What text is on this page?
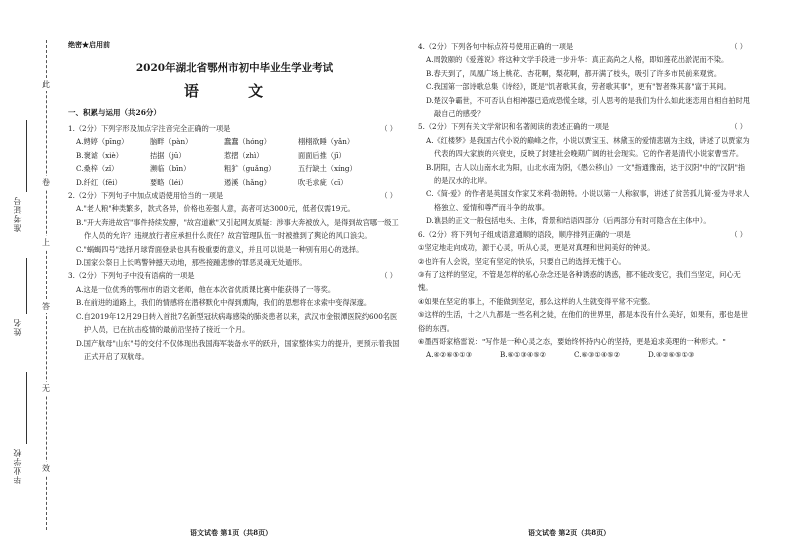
此
卷
上
答
无
效
准考证号
姓名
毕业学校
绝密★启用前
2020年湖北省鄂州市初中毕业生学业考试
语 文
一、积累与运用（共26分）
1.（2分）下列字形及加点字注音完全正确的一项是	（ ）
A.娉婷（pīng）	脑畔（pàn）	蠢蠢（hóng）	栩栩欲睡（yǎn）
B.褒谑（xiè）	拮据（jū）	惹摺（zhì）	面面后推（jī）
C.桑梓（zǐ）	濒临（bīn）	粗犷（guǎng）	五行缺土（xíng）
D.纤红（fēi）	要略（léi）	遏溪（hǎng）	吹毛求疵（cī）
2.（2分）下列句子中加点成语使用恰当的一项是	（ ）
A."老人粮"种类繁多，款式各异，价格也差强人意，高者可达3000元，低者仅需19元。
B."开大奔进故宫"事件持续发酵，"故宫道歉"又引起网友质疑：涉事大奔被放入，是得到故宫哪一级工作人员的允许？违规放行者应承担什么责任？故宫管理队伍一时被推到了舆论的风口浪尖。
C."蜗蝎四号"选择月球背面登录也具有极重要的意义，并且可以说是一种别有用心的选择。
D.国家公祭日上长鸣警钟撼天动地，那些接踵悲惨的罪恶灵魂无处遁形。
3.（2分）下列句子中没有语病的一项是	（ ）
A.这是一位优秀的鄂州市的语文老师，他在本次省优质课比赛中能获得了一等奖。
B.在前进的道路上，我们的情感将在潜移默化中得到熏陶，我们的思想将在求索中变得深邃。
C.自2019年12月29日转入首批7名新型冠状病毒感染的肺炎患者以来，武汉市金银潭医院约600名医护人员，已在抗击疫情的最前沿坚持了接近一个月。
D.国产航母"山东"号的交付不仅体现出我国海军装备水平的跃升，国家整体实力的提升，更预示着我国正式开启了双航母。
语文试卷 第1页（共8页）
4.（2分）下列各句中标点符号使用正确的一项是	（ ）
A.周敦颐的《爱莲说》将这种文学手段进一步升华：真正高尚之人格，即如莲花出淤泥而不染。
B.春天到了，凤凰广场上桃花、杏花啊，梨花啊，都开满了枝头，吸引了许多市民前来观赏。
C.我国第一部诗歌总集《诗经》，既是"饥者歌其食，劳者歌其事"，更有"智者殊其喜"富于其间。
D.楚汉争霸世，不可否认自相神器已造成恐慌全球，引人思考的是我们为什么如此迷恋用自相自拍时甩敲自己的感受？
5.（2分）下列有关文学常识和名著阅读的表述正确的一项是	（ ）
A.《红楼梦》是我国古代小说的巅峰之作，小说以贾宝玉、林黛玉的爱情悲剧为主线，讲述了以贾家为代表的四大家族的兴衰史，反映了封建社会晚期广阔的社会现实。它的作者是清代小说家曹雪芹。
B.阴阳，古人以山南水北为阳，山北水南为阴，《愚公移山》一文"指通豫南，达于汉阴"中的"汉阴"指的是汉水的北岸。
C.《简·爱》的作者是英国女作家艾米莉·勃朗特。小说以第一人称叙事，讲述了贫苦孤儿简·爱为寻求人格独立、爱情和尊严而斗争的故事。
D.谯县的正文一般包括电头、主体，背景和结语四部分（后两部分有时可隐含在主体中）。
6.（2分）将下列句子组成语意通顺的语段，顺序排列正确的一项是	（ ）
①坚定地走向成功，源于心灵，听从心灵，更是对真理和世间美好的钟灵。
②也许有人会说，坚定有坚定的快乐，只要自己的选择无愧于心。
③有了这样的坚定，不管是怎样的私心杂念还是各种诱惑的诱惑，都不能改变它，我们当坚定，问心无愧。
④如果在坚定的事上，不能做到坚定，那么这样的人生就变得平常不完整。
⑤这样的生活，十之八九都是一些名利之徒，在他们的世界里，都是本没有什么美好，如果有，那也是世俗的东西。
⑥墨西哥家格雷说："写作是一种心灵之态，要始终怀持内心的坚持，更是追求美理的一种形式。"
A.④②⑥⑤①③	B.⑥①③④⑤②	C.⑥③①④⑤②	D.④②⑥⑤①③
语文试卷 第2页（共8页）
